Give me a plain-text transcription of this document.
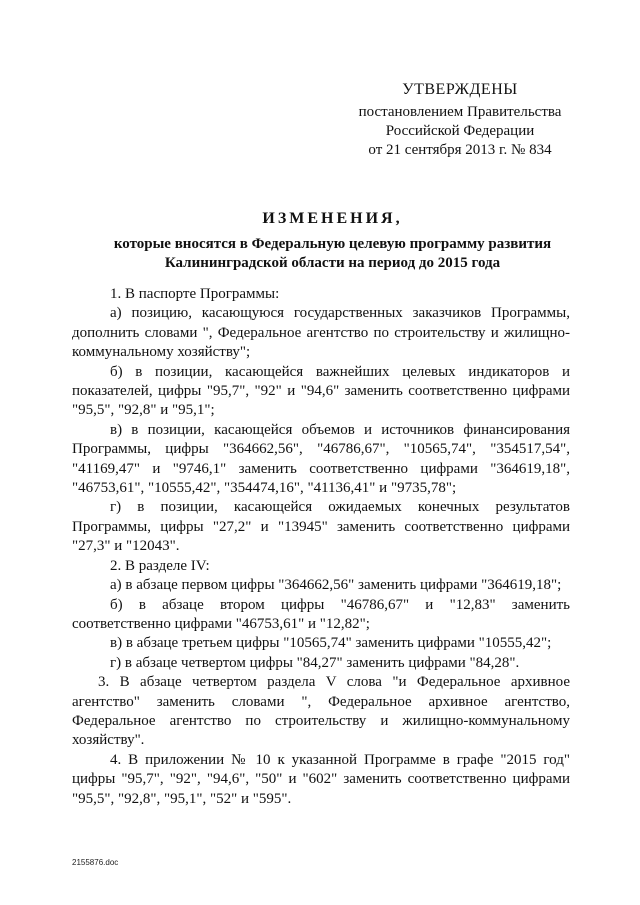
УТВЕРЖДЕНЫ
постановлением Правительства
Российской Федерации
от 21 сентября 2013 г. № 834
ИЗМЕНЕНИЯ,
которые вносятся в Федеральную целевую программу развития
Калининградской области на период до 2015 года

1. В паспорте Программы:

а) позицию, касающуюся государственных заказчиков Программы, дополнить словами ", Федеральное агентство по строительству и жилищно-коммунальному хозяйству";

б) в позиции, касающейся важнейших целевых индикаторов и показателей, цифры "95,7", "92" и "94,6" заменить соответственно цифрами "95,5", "92,8" и "95,1";

в) в позиции, касающейся объемов и источников финансирования Программы, цифры "364662,56", "46786,67", "10565,74", "354517,54", "41169,47" и "9746,1" заменить соответственно цифрами "364619,18", "46753,61", "10555,42", "354474,16", "41136,41" и "9735,78";

г) в позиции, касающейся ожидаемых конечных результатов Программы, цифры "27,2" и "13945" заменить соответственно цифрами "27,3" и "12043".

2. В разделе IV:

а) в абзаце первом цифры "364662,56" заменить цифрами "364619,18";

б) в абзаце втором цифры "46786,67" и "12,83" заменить соответственно цифрами "46753,61" и "12,82";

в) в абзаце третьем цифры "10565,74" заменить цифрами "10555,42";

г) в абзаце четвертом цифры "84,27" заменить цифрами "84,28".

3. В абзаце четвертом раздела V слова "и Федеральное архивное агентство" заменить словами ", Федеральное архивное агентство, Федеральное агентство по строительству и жилищно-коммунальному хозяйству".

4. В приложении № 10 к указанной Программе в графе "2015 год" цифры "95,7", "92", "94,6", "50" и "602" заменить соответственно цифрами "95,5", "92,8", "95,1", "52" и "595".

2155876.doc
